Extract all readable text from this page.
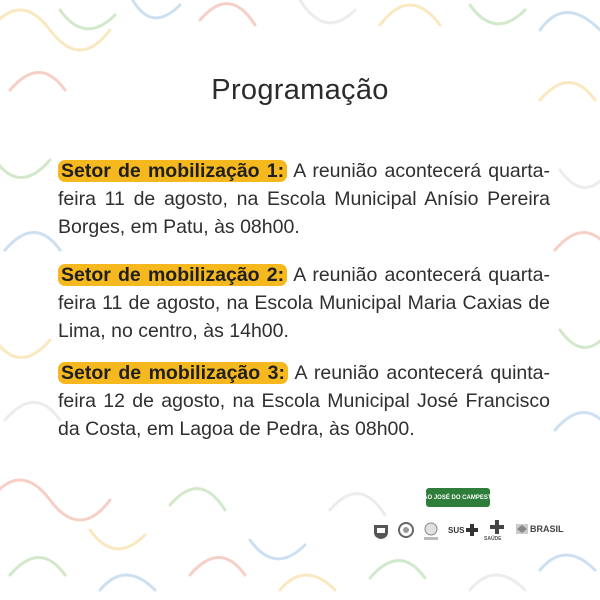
Programação

Setor de mobilização 1: A reunião acontecerá quarta-feira 11 de agosto, na Escola Municipal Anísio Pereira Borges, em Patu, às 08h00.

Setor de mobilização 2: A reunião acontecerá quarta-feira 11 de agosto, na Escola Municipal Maria Caxias de Lima, no centro, às 14h00.

Setor de mobilização 3: A reunião acontecerá quinta-feira 12 de agosto, na Escola Municipal José Francisco da Costa, em Lagoa de Pedra, às 08h00.

SÃO JOSÉ DO CAMPESTRE
SUS
SAÚDE
BRASIL
